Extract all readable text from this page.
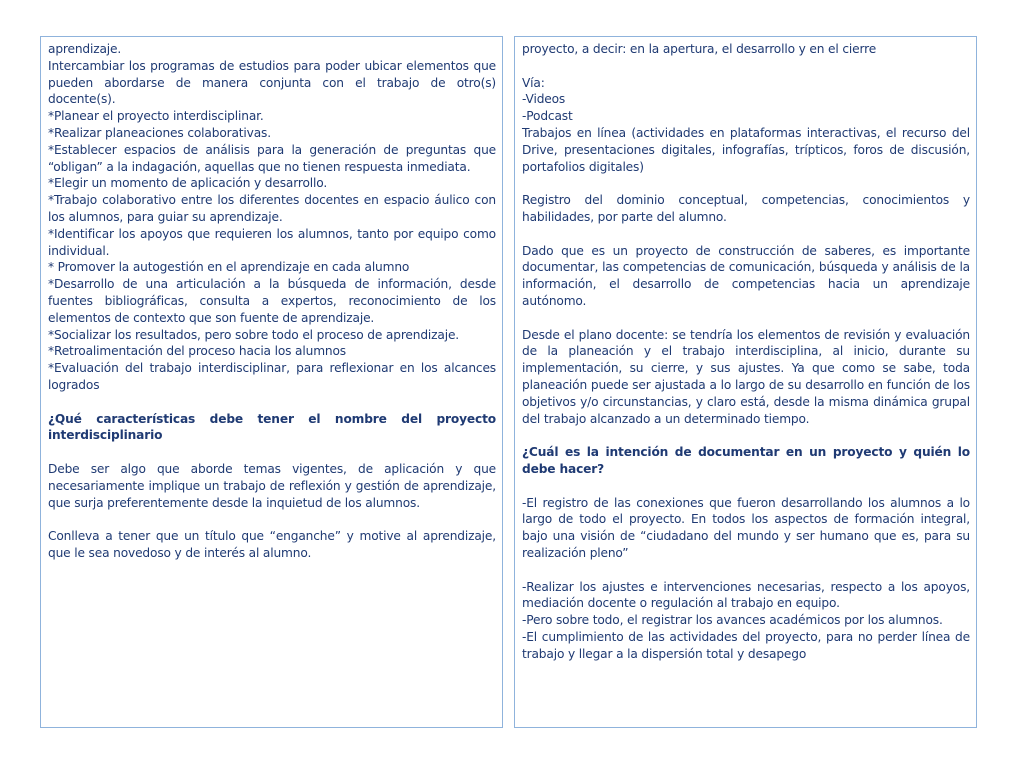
aprendizaje.
Intercambiar los programas de estudios para poder ubicar elementos que pueden abordarse de manera conjunta con el trabajo de otro(s) docente(s).
*Planear el proyecto interdisciplinar.
*Realizar planeaciones colaborativas.
*Establecer espacios de análisis para la generación de preguntas que “obligan” a la indagación, aquellas que no tienen respuesta inmediata.
*Elegir un momento de aplicación y desarrollo.
*Trabajo colaborativo entre los diferentes docentes en espacio áulico con los alumnos, para guiar su aprendizaje.
*Identificar los apoyos que requieren los alumnos, tanto por equipo como individual.
* Promover la autogestión en el aprendizaje en cada alumno
*Desarrollo de una articulación a la búsqueda de información, desde fuentes bibliográficas, consulta a expertos, reconocimiento de los elementos de contexto que son fuente de aprendizaje.
*Socializar los resultados, pero sobre todo el proceso de aprendizaje.
*Retroalimentación del proceso hacia los alumnos
*Evaluación del trabajo interdisciplinar, para reflexionar en los alcances logrados

¿Qué características debe tener el nombre del proyecto interdisciplinario

Debe ser algo que aborde temas vigentes, de aplicación y que necesariamente implique un trabajo de reflexión y gestión de aprendizaje, que surja preferentemente desde la inquietud de los alumnos.

Conlleva a tener que un título que “enganche” y motive al aprendizaje, que le sea novedoso y de interés al alumno.

proyecto, a decir: en la apertura, el desarrollo y en el cierre

Vía:
-Videos
-Podcast
Trabajos en línea (actividades en plataformas interactivas, el recurso del Drive, presentaciones digitales, infografías, trípticos, foros de discusión, portafolios digitales)

Registro del dominio conceptual, competencias, conocimientos y habilidades, por parte del alumno.

Dado que es un proyecto de construcción de saberes, es importante documentar, las competencias de comunicación, búsqueda y análisis de la información, el desarrollo de competencias hacia un aprendizaje autónomo.

Desde el plano docente: se tendría los elementos de revisión y evaluación de la planeación y el trabajo interdisciplina, al inicio, durante su implementación, su cierre, y sus ajustes. Ya que como se sabe, toda planeación puede ser ajustada a lo largo de su desarrollo en función de los objetivos y/o circunstancias, y claro está, desde la misma dinámica grupal del trabajo alcanzado a un determinado tiempo.

¿Cuál es la intención de documentar en un proyecto y quién lo debe hacer?

-El registro de las conexiones que fueron desarrollando los alumnos a lo largo de todo el proyecto. En todos los aspectos de formación integral, bajo una visión de “ciudadano del mundo y ser humano que es, para su realización pleno”

-Realizar los ajustes e intervenciones necesarias, respecto a los apoyos, mediación docente o regulación al trabajo en equipo.
-Pero sobre todo, el registrar los avances académicos por los alumnos.
-El cumplimiento de las actividades del proyecto, para no perder línea de trabajo y llegar a la dispersión total y desapego
